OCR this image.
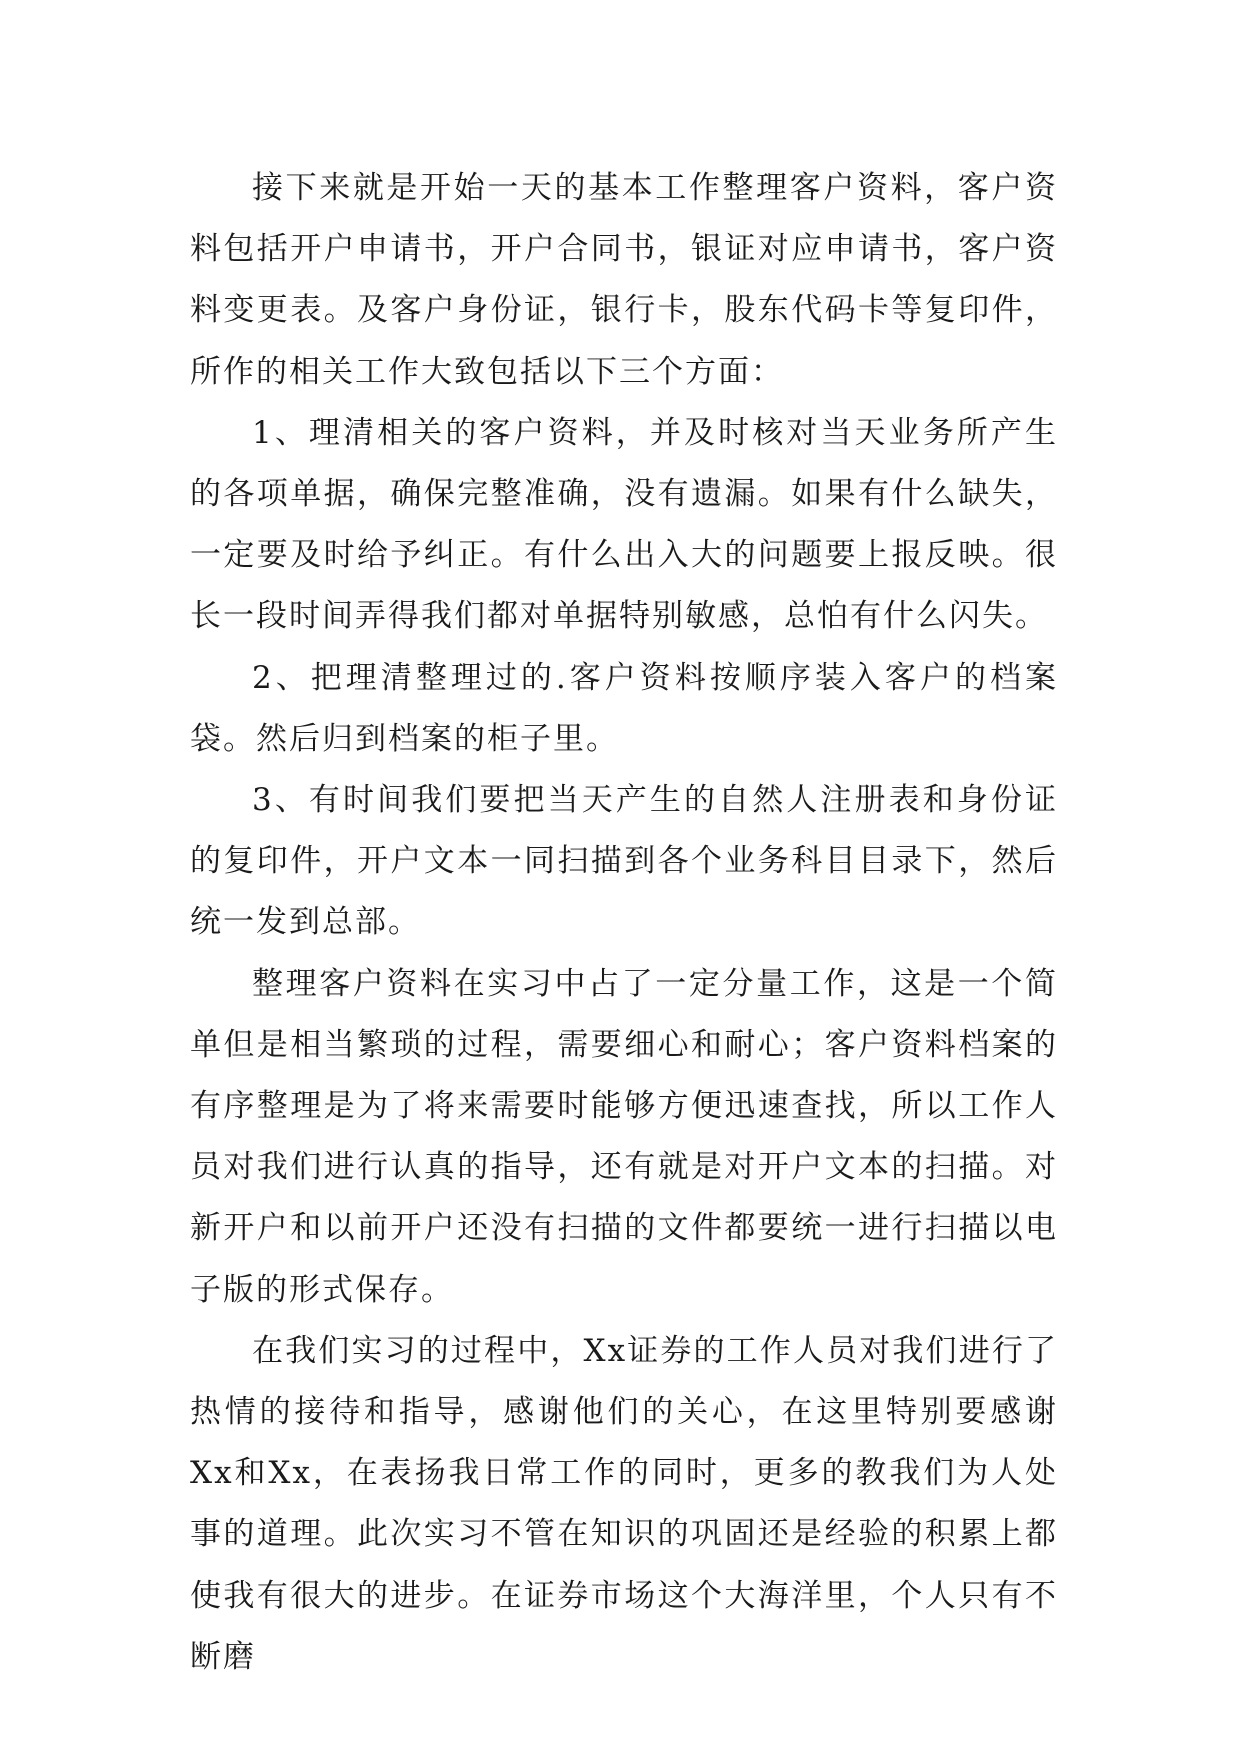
接下来就是开始一天的基本工作整理客户资料，客户资料包括开户申请书，开户合同书，银证对应申请书，客户资料变更表。及客户身份证，银行卡，股东代码卡等复印件，所作的相关工作大致包括以下三个方面：

1、理清相关的客户资料，并及时核对当天业务所产生的各项单据，确保完整准确，没有遗漏。如果有什么缺失，一定要及时给予纠正。有什么出入大的问题要上报反映。很长一段时间弄得我们都对单据特别敏感，总怕有什么闪失。

2、把理清整理过的.客户资料按顺序装入客户的档案袋。然后归到档案的柜子里。

3、有时间我们要把当天产生的自然人注册表和身份证的复印件，开户文本一同扫描到各个业务科目目录下，然后统一发到总部。

整理客户资料在实习中占了一定分量工作，这是一个简单但是相当繁琐的过程，需要细心和耐心；客户资料档案的有序整理是为了将来需要时能够方便迅速查找，所以工作人员对我们进行认真的指导，还有就是对开户文本的扫描。对新开户和以前开户还没有扫描的文件都要统一进行扫描以电子版的形式保存。

在我们实习的过程中，Xx证券的工作人员对我们进行了热情的接待和指导，感谢他们的关心，在这里特别要感谢Xx和Xx，在表扬我日常工作的同时，更多的教我们为人处事的道理。此次实习不管在知识的巩固还是经验的积累上都使我有很大的进步。在证券市场这个大海洋里，个人只有不断磨
